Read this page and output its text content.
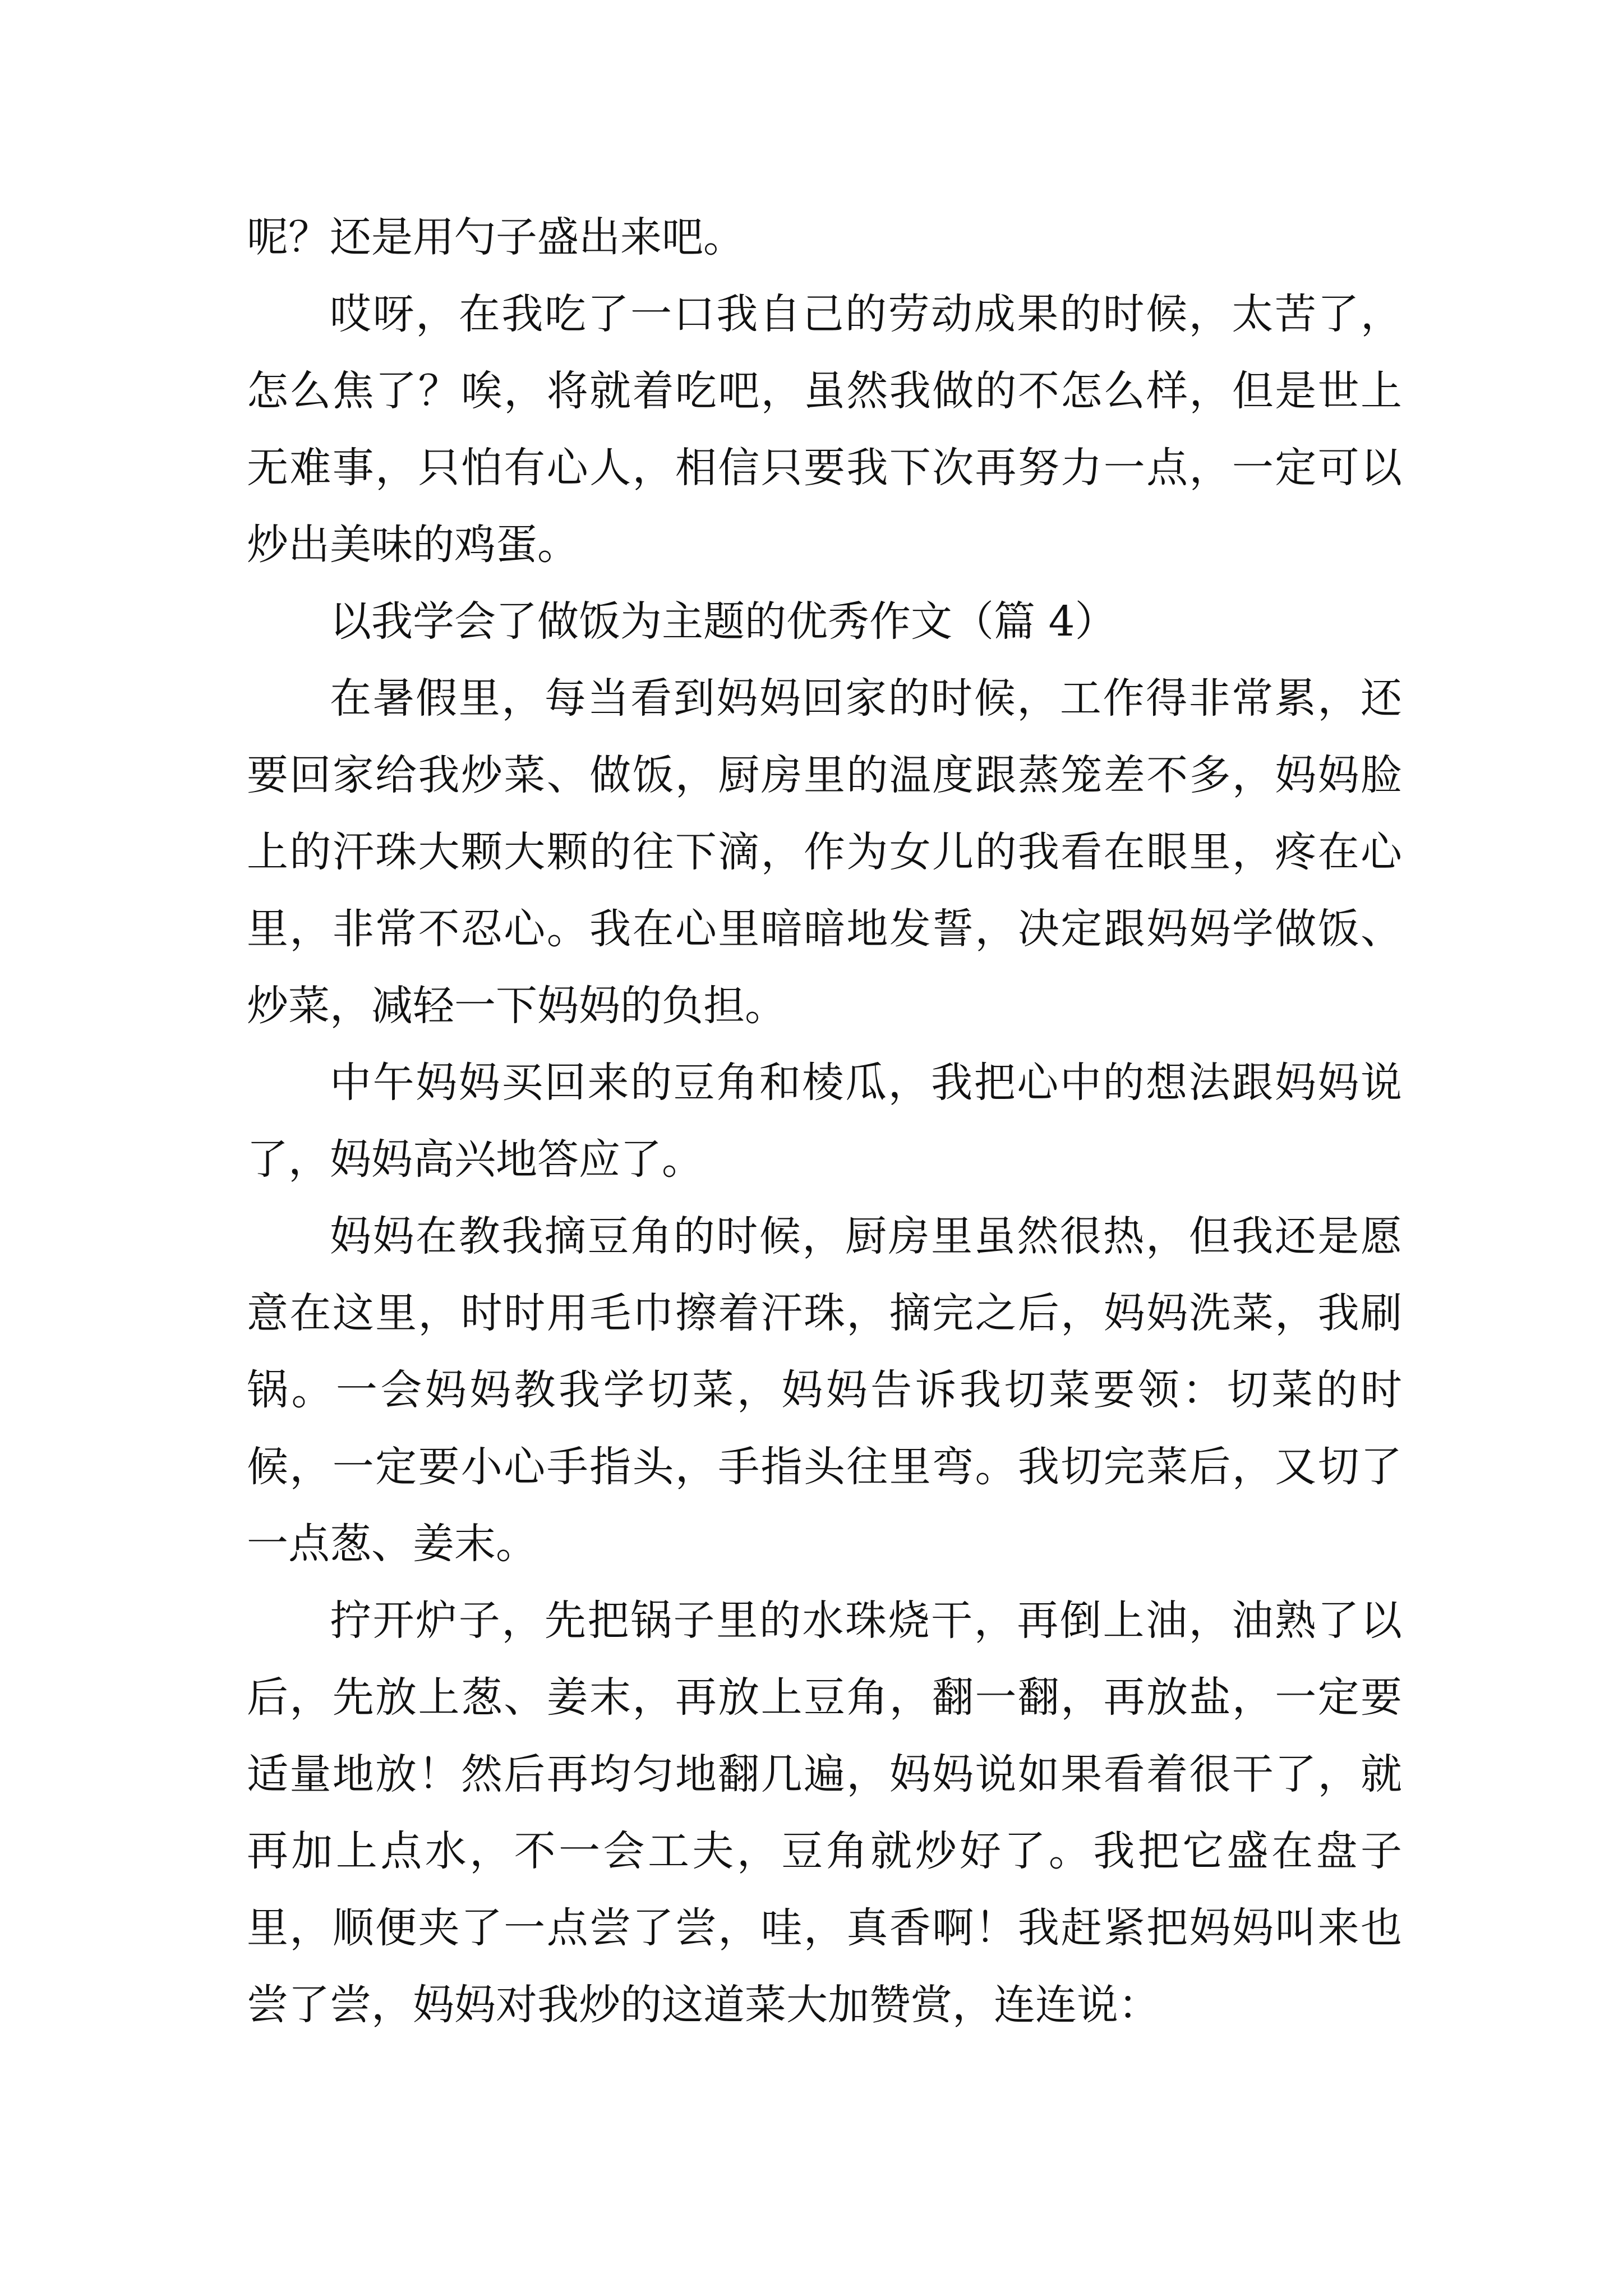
呢？还是用勺子盛出来吧。

哎呀，在我吃了一口我自己的劳动成果的时候，太苦了，怎么焦了？唉，将就着吃吧，虽然我做的不怎么样，但是世上无难事，只怕有心人，相信只要我下次再努力一点，一定可以炒出美味的鸡蛋。

以我学会了做饭为主题的优秀作文（篇 4）

在暑假里，每当看到妈妈回家的时候，工作得非常累，还要回家给我炒菜、做饭，厨房里的温度跟蒸笼差不多，妈妈脸上的汗珠大颗大颗的往下滴，作为女儿的我看在眼里，疼在心里，非常不忍心。我在心里暗暗地发誓，决定跟妈妈学做饭、炒菜，减轻一下妈妈的负担。

中午妈妈买回来的豆角和棱瓜，我把心中的想法跟妈妈说了，妈妈高兴地答应了。

妈妈在教我摘豆角的时候，厨房里虽然很热，但我还是愿意在这里，时时用毛巾擦着汗珠，摘完之后，妈妈洗菜，我刷锅。一会妈妈教我学切菜，妈妈告诉我切菜要领：切菜的时候，一定要小心手指头，手指头往里弯。我切完菜后，又切了一点葱、姜末。

拧开炉子，先把锅子里的水珠烧干，再倒上油，油熟了以后，先放上葱、姜末，再放上豆角，翻一翻，再放盐，一定要适量地放！然后再均匀地翻几遍，妈妈说如果看着很干了，就再加上点水，不一会工夫，豆角就炒好了。我把它盛在盘子里，顺便夹了一点尝了尝，哇，真香啊！我赶紧把妈妈叫来也尝了尝，妈妈对我炒的这道菜大加赞赏，连连说：
